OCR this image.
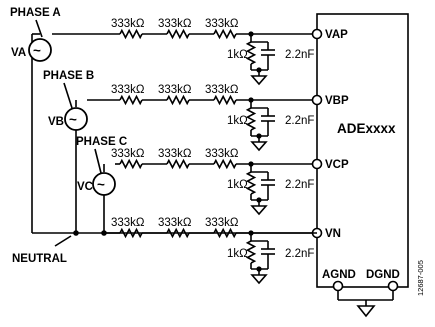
ADExxxx
AGND DGND
333kΩ 333kΩ 333kΩ
1kΩ	2.2nF
VAP
333kΩ 333kΩ 333kΩ
1kΩ	2.2nF
VBP
333kΩ 333kΩ 333kΩ
1kΩ	2.2nF
VCP
333kΩ 333kΩ 333kΩ
1kΩ	2.2nF
VN
NEUTRAL
~
VA
PHASE A
~
VB
PHASE B
~
VC
PHASE C
12687-005
